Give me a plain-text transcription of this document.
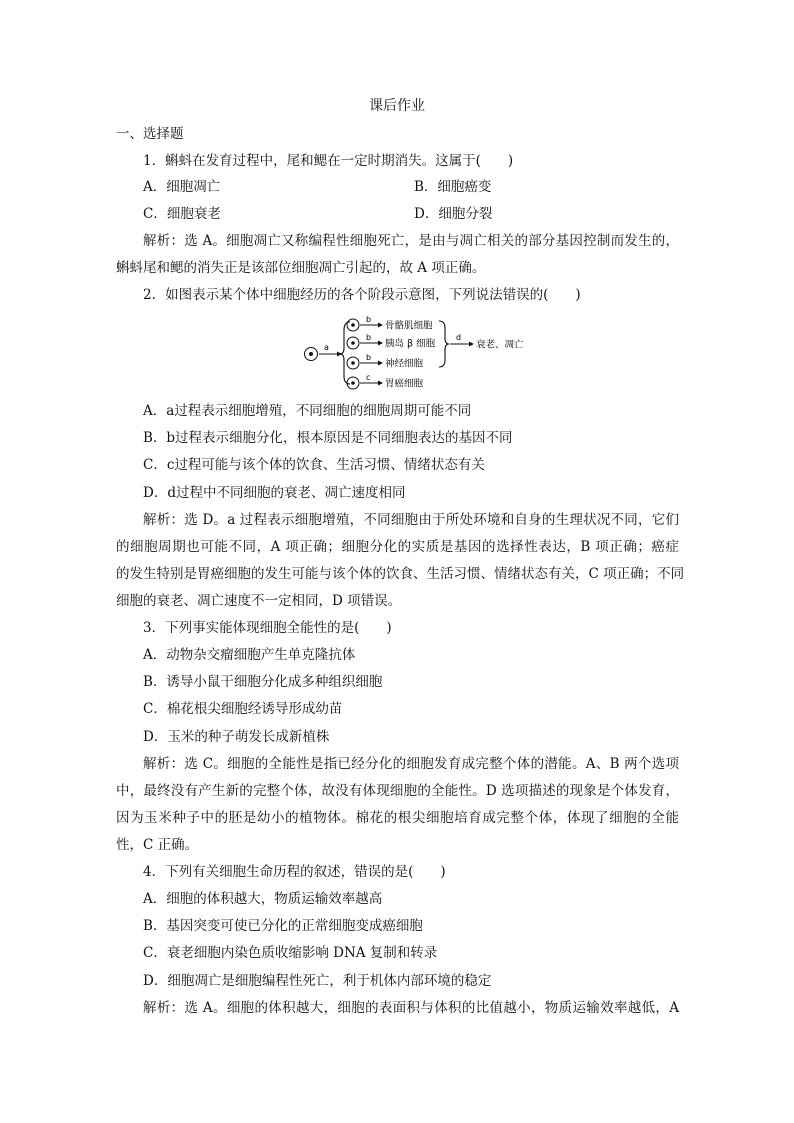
课后作业
一、选择题
1．蝌蚪在发育过程中，尾和鳃在一定时期消失。这属于(　　)
A．细胞凋亡	B．细胞癌变
C．细胞衰老	D．细胞分裂
解析：选 A。细胞凋亡又称编程性细胞死亡，是由与凋亡相关的部分基因控制而发生的，
蝌蚪尾和鳃的消失正是该部位细胞凋亡引起的，故 A 项正确。
2．如图表示某个体中细胞经历的各个阶段示意图，下列说法错误的(　　)
a
b
骨骼肌细胞
b
胰岛 β 细胞
b
神经细胞
c
胃癌细胞
d
衰老、凋亡
A．a过程表示细胞增殖，不同细胞的细胞周期可能不同
B．b过程表示细胞分化，根本原因是不同细胞表达的基因不同
C．c过程可能与该个体的饮食、生活习惯、情绪状态有关
D．d过程中不同细胞的衰老、凋亡速度相同
解析：选 D。a 过程表示细胞增殖，不同细胞由于所处环境和自身的生理状况不同，它们
的细胞周期也可能不同，A 项正确；细胞分化的实质是基因的选择性表达，B 项正确；癌症
的发生特别是胃癌细胞的发生可能与该个体的饮食、生活习惯、情绪状态有关，C 项正确；不同
细胞的衰老、凋亡速度不一定相同，D 项错误。
3．下列事实能体现细胞全能性的是(　　)
A．动物杂交瘤细胞产生单克隆抗体
B．诱导小鼠干细胞分化成多种组织细胞
C．棉花根尖细胞经诱导形成幼苗
D．玉米的种子萌发长成新植株
解析：选 C。细胞的全能性是指已经分化的细胞发育成完整个体的潜能。A、B 两个选项
中，最终没有产生新的完整个体，故没有体现细胞的全能性。D 选项描述的现象是个体发育，
因为玉米种子中的胚是幼小的植物体。棉花的根尖细胞培育成完整个体，体现了细胞的全能
性，C 正确。
4．下列有关细胞生命历程的叙述，错误的是(　　)
A．细胞的体积越大，物质运输效率越高
B．基因突变可使已分化的正常细胞变成癌细胞
C．衰老细胞内染色质收缩影响 DNA 复制和转录
D．细胞凋亡是细胞编程性死亡，利于机体内部环境的稳定
解析：选 A。细胞的体积越大，细胞的表面积与体积的比值越小，物质运输效率越低，A
